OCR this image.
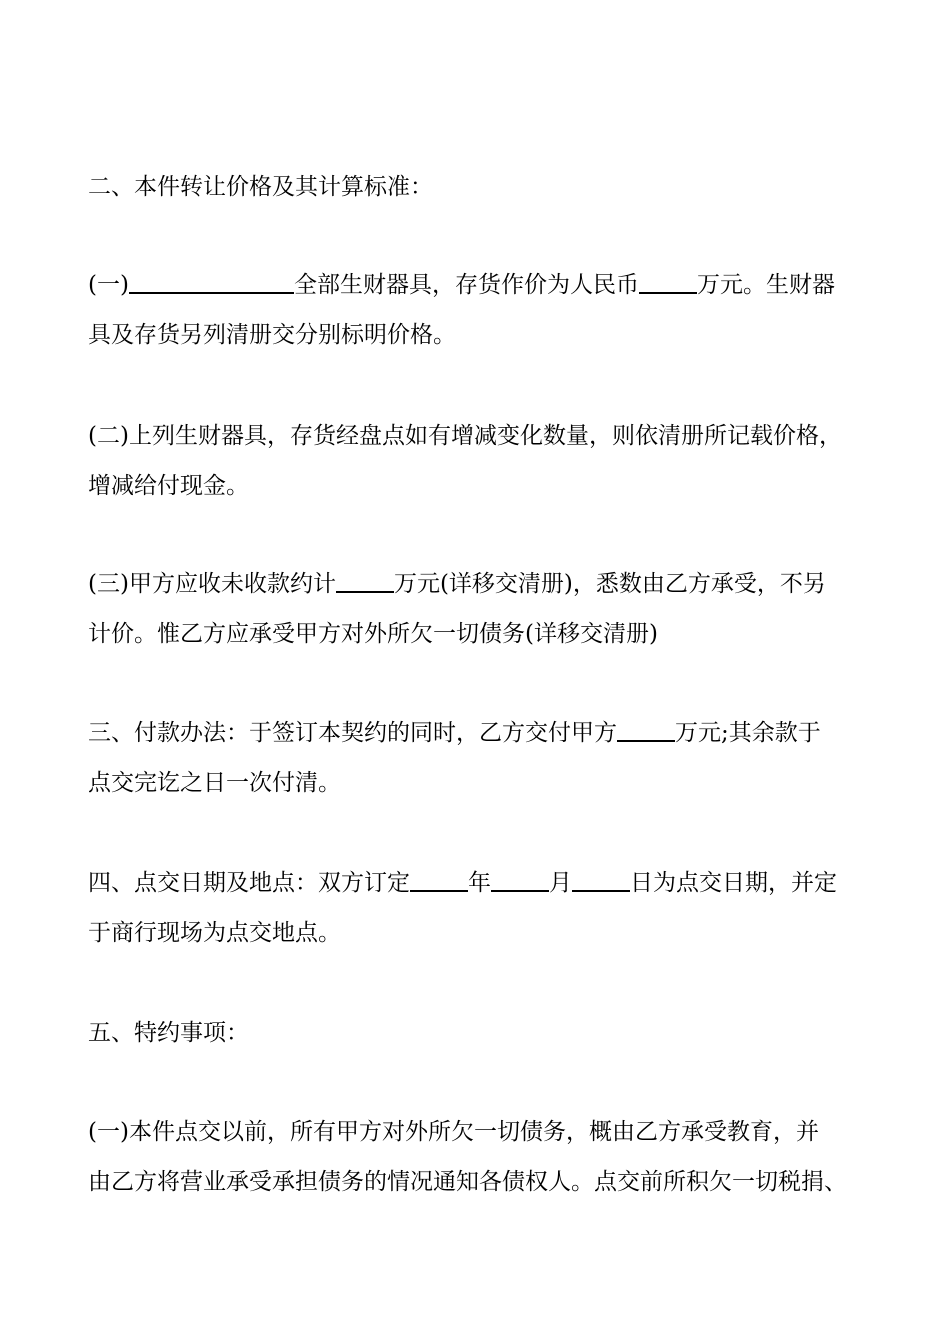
二、本件转让价格及其计算标准：
(一)	全部生财器具，存货作价为人民币	万元。生财器
具及存货另列清册交分别标明价格。
(二)上列生财器具，存货经盘点如有增减变化数量，则依清册所记载价格，
增减给付现金。
(三)甲方应收未收款约计	万元(详移交清册)，悉数由乙方承受，不另
计价。惟乙方应承受甲方对外所欠一切债务(详移交清册)
三、付款办法：于签订本契约的同时，乙方交付甲方	万元;其余款于
点交完讫之日一次付清。
四、点交日期及地点：双方订定	年	月	日为点交日期，并定
于商行现场为点交地点。
五、特约事项：
(一)本件点交以前，所有甲方对外所欠一切债务，概由乙方承受教育，并
由乙方将营业承受承担债务的情况通知各债权人。点交前所积欠一切税捐、
